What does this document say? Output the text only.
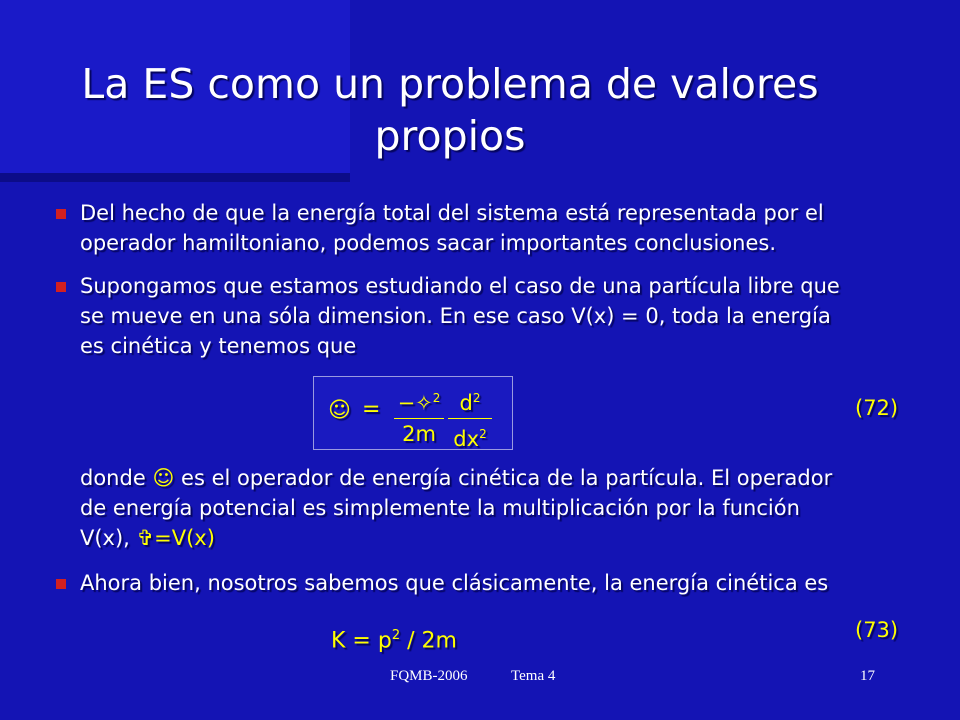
La ES como un problema de valores
propios
Del hecho de que la energía total del sistema está representada por el
operador hamiltoniano, podemos sacar importantes conclusiones.
Supongamos que estamos estudiando el caso de una partícula libre que
se mueve en una sóla dimension. En ese caso V(x) = 0, toda la energía
es cinética y tenemos que
☺ = −✧$^2$
2m
$d^2$
$dx^2$
(72)
donde ☺ es el operador de energía cinética de la partícula. El operador
de energía potencial es simplemente la multiplicación por la función
V(x), ✞=V(x)
Ahora bien, nosotros sabemos que clásicamente, la energía cinética es
$K = p^2 / 2m$	(73)
FQMB-2006	Tema 4	17
